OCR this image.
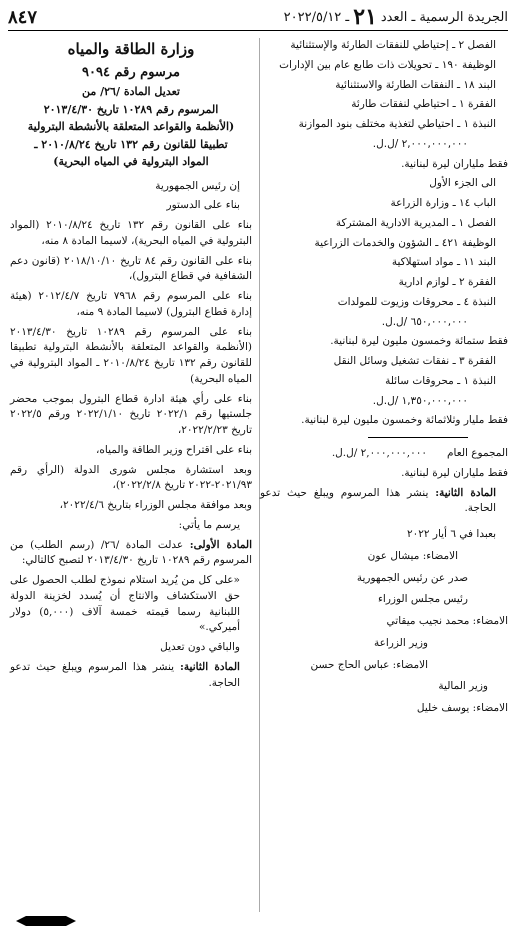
الجريدة الرسمية ـ العدد
٢١
ـ ٢٠٢٢/٥/١٢
٨٤٧
الفصل ٢ ـ إحتياطي للنفقات الطارئة والإستثنائية
الوظيفة ١٩٠ ـ تحويلات ذات طابع عام بين الإدارات
البند ١٨ ـ النفقات الطارئة والاستثنائية
الفقرة ١ ـ احتياطي لنفقات طارئة
النبذة ١ ـ احتياطي لتغذية مختلف بنود الموازنة
٢,٠٠٠,٠٠٠,٠٠٠ /ل.ل.
فقط ملياران ليرة لبنانية.
الى الجزء الأول
الباب ١٤ ـ وزارة الزراعة
الفصل ١ ـ المديرية الادارية المشتركة
الوظيفة ٤٢١ ـ الشؤون والخدمات الزراعية
البند ١١ ـ مواد استهلاكية
الفقرة ٢ ـ لوازم ادارية
النبذة ٤ ـ محروقات وزيوت للمولدات
٦٥٠,٠٠٠,٠٠٠ /ل.ل.
فقط ستمائة وخمسون مليون ليرة لبنانية.
الفقرة ٣ ـ نفقات تشغيل وسائل النقل
النبذة ١ ـ محروقات سائلة
١,٣٥٠,٠٠٠,٠٠٠ /ل.ل.
فقط مليار وثلاثمائة وخمسون مليون ليرة لبنانية.
المجموع العام
٢,٠٠٠,٠٠٠,٠٠٠ /ل.ل.
فقط ملياران ليرة لبنانية.
المادة الثانية: ينشر هذا المرسوم ويبلغ حيث تدعو الحاجة.
بعبدا في ٦ أيار ٢٠٢٢
الامضاء: ميشال عون
صدر عن رئيس الجمهورية
رئيس مجلس الوزراء
الامضاء: محمد نجيب ميقاتي
وزير الزراعة
الامضاء: عباس الحاج حسن
وزير المالية
الامضاء: يوسف خليل
وزارة الطاقة والمياه
مرسوم رقم ٩٠٩٤
تعديل المادة /٢٦/ من
المرسوم رقم ١٠٢٨٩ تاريخ ٢٠١٣/٤/٣٠
(الأنظمة والقواعد المتعلقة بالأنشطة البترولية
تطبيقا للقانون رقم ١٣٢ تاريخ ٢٠١٠/٨/٢٤ ـ
المواد البترولية في المياه البحرية)
إن رئيس الجمهورية
بناء على الدستور
بناء على القانون رقم ١٣٢ تاريخ ٢٠١٠/٨/٢٤ (المواد البترولية في المياه البحرية)، لاسيما المادة ٨ منه،
بناء على القانون رقم ٨٤ تاريخ ٢٠١٨/١٠/١٠ (قانون دعم الشفافية في قطاع البترول)،
بناء على المرسوم رقم ٧٩٦٨ تاريخ ٢٠١٢/٤/٧ (هيئة إدارة قطاع البترول) لاسيما المادة ٩ منه،
بناء على المرسوم رقم ١٠٢٨٩ تاريخ ٢٠١٣/٤/٣٠ (الأنظمة والقواعد المتعلقة بالأنشطة البترولية تطبيقا للقانون رقم ١٣٢ تاريخ ٢٠١٠/٨/٢٤ ـ المواد البترولية في المياه البحرية)
بناء على رأي هيئة ادارة قطاع البترول بموجب محضر جلستيها رقم ٢٠٢٢/١ تاريخ ٢٠٢٢/١/١٠ ورقم ٢٠٢٢/٥ تاريخ ٢٠٢٢/٢/٢٣،
بناء على اقتراح وزير الطاقة والمياه،
وبعد استشارة مجلس شورى الدولة (الرأي رقم ٢٠٢١/٩٣-٢٠٢٢ تاريخ ٢٠٢٢/٢/٨)،
وبعد موافقة مجلس الوزراء بتاريخ ٢٠٢٢/٤/٦،
يرسم ما يأتي:
المادة الأولى: عدلت المادة /٢٦/ (رسم الطلب) من المرسوم رقم ١٠٢٨٩ تاريخ ٢٠١٣/٤/٣٠ لتصبح كالتالي:
«على كل من يُريد استلام نموذج لطلب الحصول على حق الاستكشاف والانتاج أن يُسدد لخزينة الدولة اللبنانية رسما قيمته خمسة آلاف (٥,٠٠٠) دولار أميركي.»
والباقي دون تعديل
المادة الثانية: ينشر هذا المرسوم ويبلغ حيث تدعو الحاجة.
